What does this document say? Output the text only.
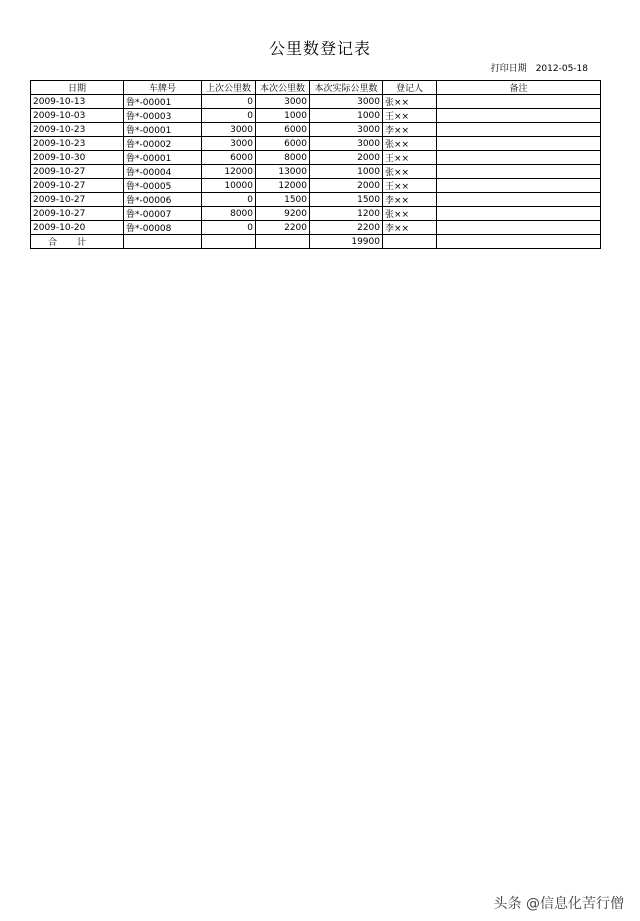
公里数登记表
打印日期 2012-05-18
日期	车牌号	上次公里数	本次公里数	本次实际公里数	登记人	备注
2009-10-13	鲁*-00001	0	3000	3000	张××	
2009-10-03	鲁*-00003	0	1000	1000	王××	
2009-10-23	鲁*-00001	3000	6000	3000	李××	
2009-10-23	鲁*-00002	3000	6000	3000	张××	
2009-10-30	鲁*-00001	6000	8000	2000	王××	
2009-10-27	鲁*-00004	12000	13000	1000	张××	
2009-10-27	鲁*-00005	10000	12000	2000	王××	
2009-10-27	鲁*-00006	0	1500	1500	李××	
2009-10-27	鲁*-00007	8000	9200	1200	张××	
2009-10-20	鲁*-00008	0	2200	2200	李××	
合计				19900		
头条 @信息化苦行僧
